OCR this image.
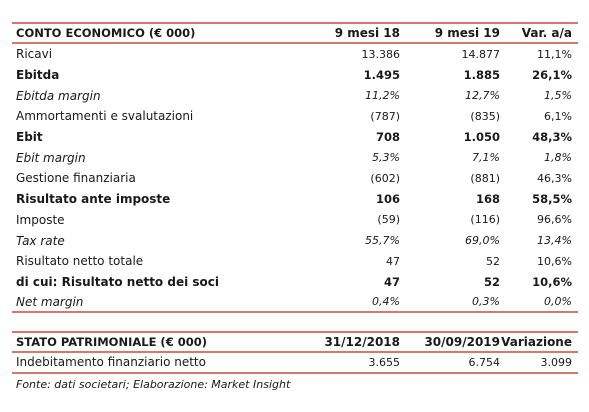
CONTO ECONOMICO (€ 000)	9 mesi 18	9 mesi 19	Var. a/a
Ricavi	13.386	14.877	11,1%
Ebitda	1.495	1.885	26,1%
Ebitda margin	11,2%	12,7%	1,5%
Ammortamenti e svalutazioni	(787)	(835)	6,1%
Ebit	708	1.050	48,3%
Ebit margin	5,3%	7,1%	1,8%
Gestione finanziaria	(602)	(881)	46,3%
Risultato ante imposte	106	168	58,5%
Imposte	(59)	(116)	96,6%
Tax rate	55,7%	69,0%	13,4%
Risultato netto totale	47	52	10,6%
di cui: Risultato netto dei soci	47	52	10,6%
Net margin	0,4%	0,3%	0,0%
STATO PATRIMONIALE (€ 000)	31/12/2018	30/09/2019 Variazione
Indebitamento finanziario netto	3.655	6.754	3.099
Fonte: dati societari; Elaborazione: Market Insight
